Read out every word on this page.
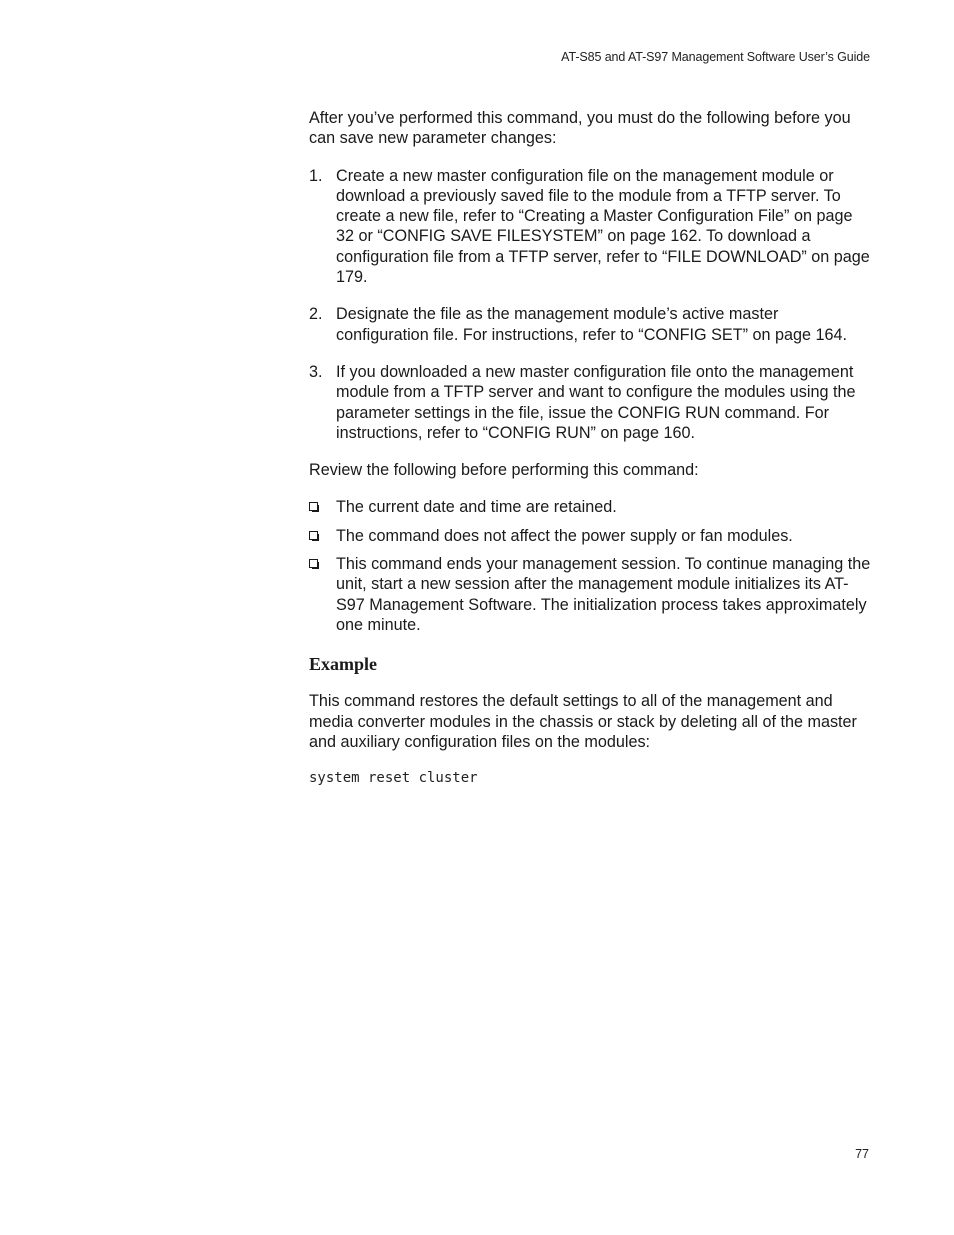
AT-S85 and AT-S97 Management Software User’s Guide

After you’ve performed this command, you must do the following before you can save new parameter changes:

1. Create a new master configuration file on the management module or download a previously saved file to the module from a TFTP server. To create a new file, refer to “Creating a Master Configuration File” on page 32 or “CONFIG SAVE FILESYSTEM” on page 162. To download a configuration file from a TFTP server, refer to “FILE DOWNLOAD” on page 179.
2. Designate the file as the management module’s active master configuration file. For instructions, refer to “CONFIG SET” on page 164.
3. If you downloaded a new master configuration file onto the management module from a TFTP server and want to configure the modules using the parameter settings in the file, issue the CONFIG RUN command. For instructions, refer to “CONFIG RUN” on page 160.

Review the following before performing this command:

The current date and time are retained.
The command does not affect the power supply or fan modules.
This command ends your management session. To continue managing the unit, start a new session after the management module initializes its AT-S97 Management Software. The initialization process takes approximately one minute.
Example

This command restores the default settings to all of the management and media converter modules in the chassis or stack by deleting all of the master and auxiliary configuration files on the modules:

system reset cluster
77
